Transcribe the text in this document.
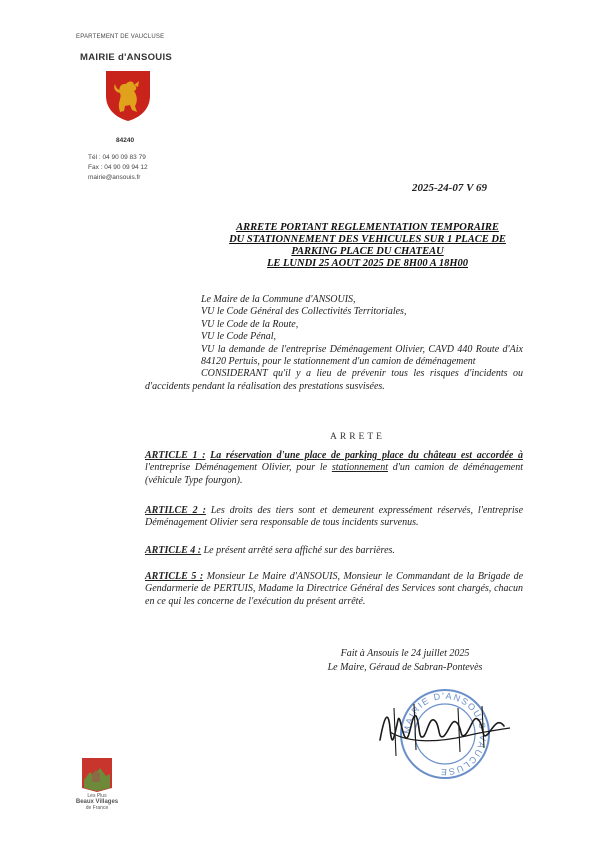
EPARTEMENT DE VAUCLUSE
MAIRIE d'ANSOUIS
84240
Tél : 04 90 09 83 79
Fax : 04 90 09 94 12
mairie@ansouis.fr
2025-24-07 V 69
ARRETE PORTANT REGLEMENTATION TEMPORAIRE
DU STATIONNEMENT DES VEHICULES SUR 1 PLACE DE
PARKING PLACE DU CHATEAU
LE LUNDI 25 AOUT 2025 DE 8H00 A 18H00

Le Maire de la Commune d'ANSOUIS,

VU le Code Général des Collectivités Territoriales,

VU le Code de la Route,

VU le Code Pénal,

VU la demande de l'entreprise Déménagement Olivier, CAVD 440 Route d'Aix 84120 Pertuis, pour le stationnement d'un camion de déménagement

CONSIDERANT qu'il y a lieu de prévenir tous les risques d'incidents ou d'accidents pendant la réalisation des prestations susvisées.

ARRETE

ARTICLE 1 : La réservation d'une place de parking place du château est accordée à l'entreprise Déménagement Olivier, pour le stationnement d'un camion de déménagement (véhicule Type fourgon).

ARTILCE 2 : Les droits des tiers sont et demeurent expressément réservés, l'entreprise Déménagement Olivier sera responsable de tous incidents survenus.

ARTICLE 4 : Le présent arrêté sera affiché sur des barrières.

ARTICLE 5 : Monsieur Le Maire d'ANSOUIS, Monsieur le Commandant de la Brigade de Gendarmerie de PERTUIS, Madame la Directrice Général des Services sont chargés, chacun en ce qui les concerne de l'exécution du présent arrêté.

Fait à Ansouis le 24 juillet 2025
Le Maire, Géraud de Sabran-Pontevès
MAIRIE D'ANSOUIS VAUCLUSE
Les Plus
Beaux Villages
de France
